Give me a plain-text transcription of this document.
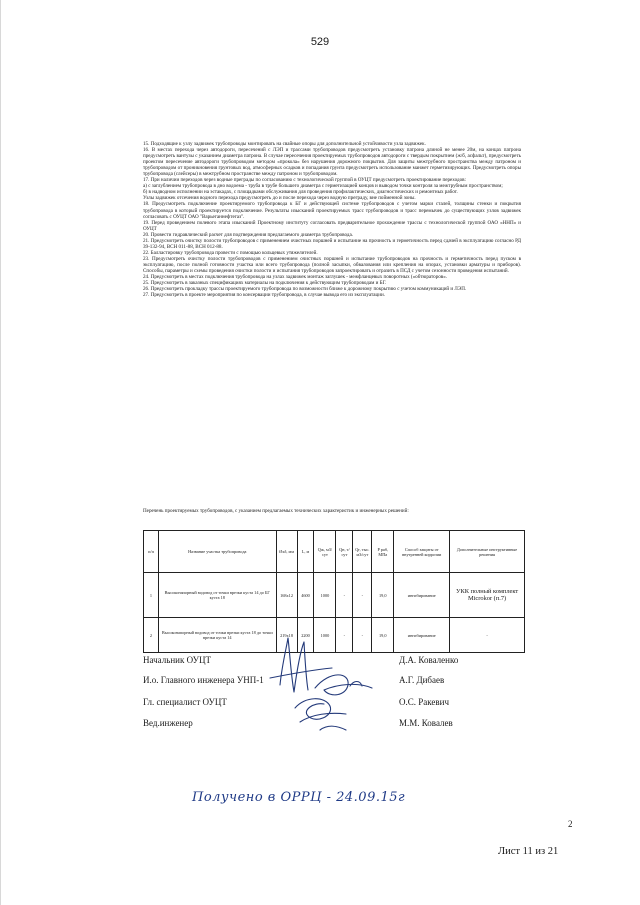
529

15. Подходящие к узлу задвижек трубопроводы монтировать на свайные опоры для дополнительной устойчивости узла задвижек.

16. В местах перехода через автодороги, пересечений с ЛЭП и трассами трубопроводов предусмотреть установку патрона длиной не менее 20м, на концах патрона предусмотреть вантузы с указанием диаметра патрона. В случае пересечения проектируемых трубопроводов автодороги с твердым покрытием (ж/б, асфальт), предусмотреть проектом пересечение автодороги трубопроводом методом «прокола» без нарушения дорожного покрытия. Для защиты межтрубного пространства между патроном и трубопроводом от проникновения грунтовых вод, атмосферных осадков и попадания грунта предусмотреть использование манжет герметизирующих. Предусмотреть опоры трубопровода (слейсеры) в межтрубном пространстве между патроном и трубопроводом.

17. При наличии переходов через водные преграды по согласованию с технологической группой в ОУЦТ предусмотреть проектирование переходов:

а) с заглублением трубопровода в дно водоема - труба в трубе большего диаметра с герметизацией концов и выводом точки контроля за межтрубным пространством;

б) в надводном исполнении на эстакадах, с площадками обслуживания для проведения профилактических, диагностических и ремонтных работ.

Узлы задвижек отсечения водного перехода предусмотреть до и после перехода через водную преграду, вне пойменной зоны.

18. Предусмотреть подключение проектируемого трубопровода к БГ и действующей системе трубопроводов с учетом марки сталей, толщины стенки и покрытия трубопровода в который проектируется подключение. Результаты изысканий проектируемых трасс трубопроводов и трасс перемычек до существующих узлов задвижек согласовать с ОУЦТ ОАО "Варьеганнефтегаз".

19. Перед проведением полевого этапа изысканий Проектному институту согласовать предварительное прохождение трассы с технологической группой ОАО «ННП» и ОУЦТ

20. Провести гидравлический расчет для подтверждения предлагаемого диаметра трубопровода.

21. Предусмотреть очистку полости трубопроводов с применением очистных поршней и испытание на прочность и герметичность перед сдачей в эксплуатацию согласно РД 39-132-94, ВСН 011-88, ВСН 012-88.

22. Балластировку трубопровода провести с помощью кольцевых утяжелителей.

23. Предусмотреть очистку полости трубопроводов с применением очистных поршней и испытание трубопроводов на прочность и герметичность перед пуском в эксплуатацию, после полной готовности участка или всего трубопровода (полной засыпки, обвалования или крепления на опорах, установки арматуры и приборов). Способы, параметры и схемы проведения очистки полости и испытания трубопроводов запроектировать и отразить в ПСД с учетом сезонности проведения испытаний.

24. Предусмотреть в местах подключения трубопровода на узлах задвижек монтаж заглушек - межфланцевых поворотных («обтюраторов».

25. Предусмотреть в заказных спецификациях материалы на подключения к действующим трубопроводам и БГ.

26. Предусмотреть прокладку трассы проектируемого трубопровода по возможности ближе к дорожному покрытию с учетом коммуникаций и ЛЭП.

27. Предусмотреть в проекте мероприятия по консервации трубопровода, в случае вывода его из эксплуатации.

Перечень проектируемых трубопроводов, с указанием предлагаемых технических характеристик и инженерных решений:
п/п	Название участка трубопровода	Øхδ, мм	L, м	Qж, м3/сут	Qн, т/сут	Qг, тыс. м3/сут	P раб, МПа	Способ защиты от внутренней коррозии	Дополнительные инструктивные решения
1	Высоконапорный водовод от точки врезки куста 14 до БГ куста 18	168х12	4600	1000	-	-	19,0	ингибирование	УКК полный комплект Microkor (п.7)
2	Высоконапорный водовод от точки врезки куста 18 до точки врезки куста 14	219х18	2200	1000	-	-	19,0	ингибирование	-
Начальник ОУЦТ	Д.А. Коваленко
И.о. Главного инженера УНП-1	А.Г. Дибаев
Гл. специалист ОУЦТ	О.С. Ракевич
Вед.инженер	М.М. Ковалев
Получено в ОРРЦ - 24.09.15г
2
Лист 11 из 21
